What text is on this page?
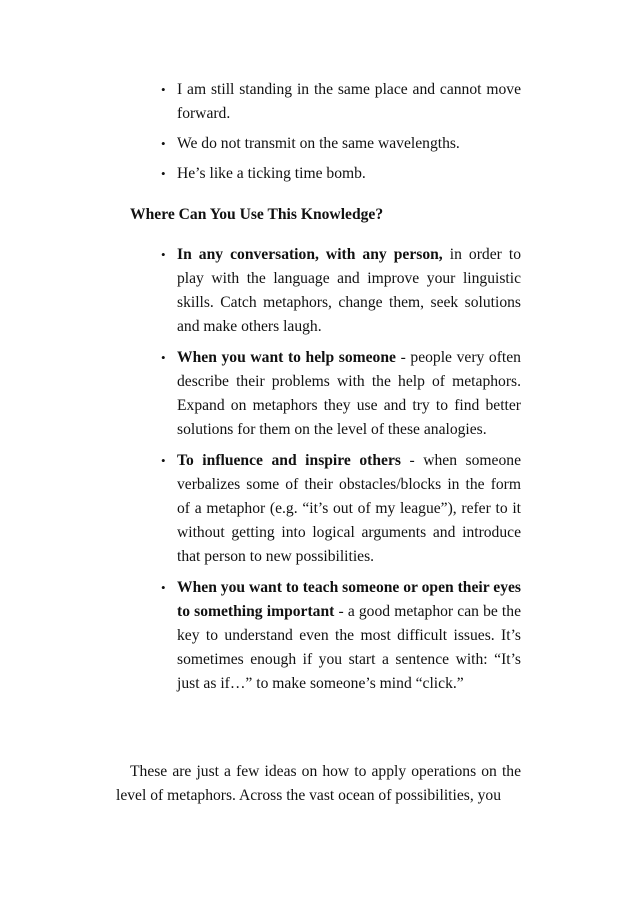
• I am still standing in the same place and cannot move forward.
• We do not transmit on the same wavelengths.
• He’s like a ticking time bomb.
Where Can You Use This Knowledge?
• In any conversation, with any person, in order to play with the language and improve your linguistic skills. Catch metaphors, change them, seek solutions and make others laugh.
• When you want to help someone - people very often describe their problems with the help of metaphors. Expand on metaphors they use and try to find better solutions for them on the level of these analogies.
• To influence and inspire others - when someone verbalizes some of their obstacles/blocks in the form of a metaphor (e.g. “it’s out of my league”), refer to it without getting into logical arguments and introduce that person to new possibilities.
• When you want to teach someone or open their eyes to something important - a good metaphor can be the key to understand even the most difficult issues. It’s sometimes enough if you start a sentence with: “It’s just as if…” to make someone’s mind “click.”

These are just a few ideas on how to apply operations on the level of metaphors. Across the vast ocean of possibilities, you
